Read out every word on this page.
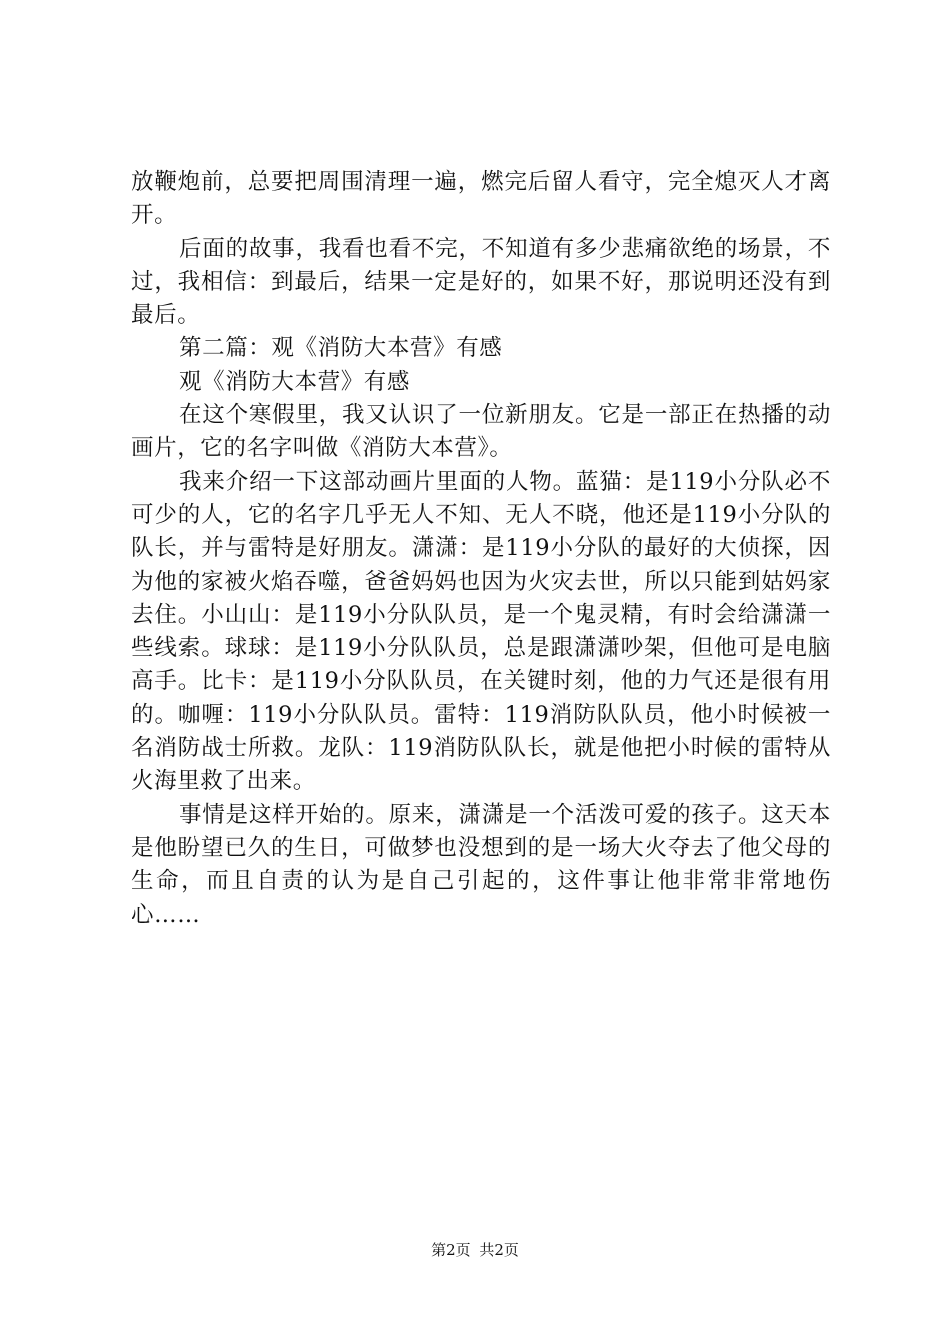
放鞭炮前，总要把周围清理一遍，燃完后留人看守，完全熄灭人才离开。

后面的故事，我看也看不完，不知道有多少悲痛欲绝的场景，不过，我相信：到最后，结果一定是好的，如果不好，那说明还没有到最后。

第二篇：观《消防大本营》有感

观《消防大本营》有感

在这个寒假里，我又认识了一位新朋友。它是一部正在热播的动画片，它的名字叫做《消防大本营》。

我来介绍一下这部动画片里面的人物。蓝猫：是119小分队必不可少的人，它的名字几乎无人不知、无人不晓，他还是119小分队的队长，并与雷特是好朋友。潇潇：是119小分队的最好的大侦探，因为他的家被火焰吞噬，爸爸妈妈也因为火灾去世，所以只能到姑妈家去住。小山山：是119小分队队员，是一个鬼灵精，有时会给潇潇一些线索。球球：是119小分队队员，总是跟潇潇吵架，但他可是电脑高手。比卡：是119小分队队员，在关键时刻，他的力气还是很有用的。咖喱：119小分队队员。雷特：119消防队队员，他小时候被一名消防战士所救。龙队：119消防队队长，就是他把小时候的雷特从火海里救了出来。

事情是这样开始的。原来，潇潇是一个活泼可爱的孩子。这天本是他盼望已久的生日，可做梦也没想到的是一场大火夺去了他父母的生命，而且自责的认为是自己引起的，这件事让他非常非常地伤心……

第2页 共2页
